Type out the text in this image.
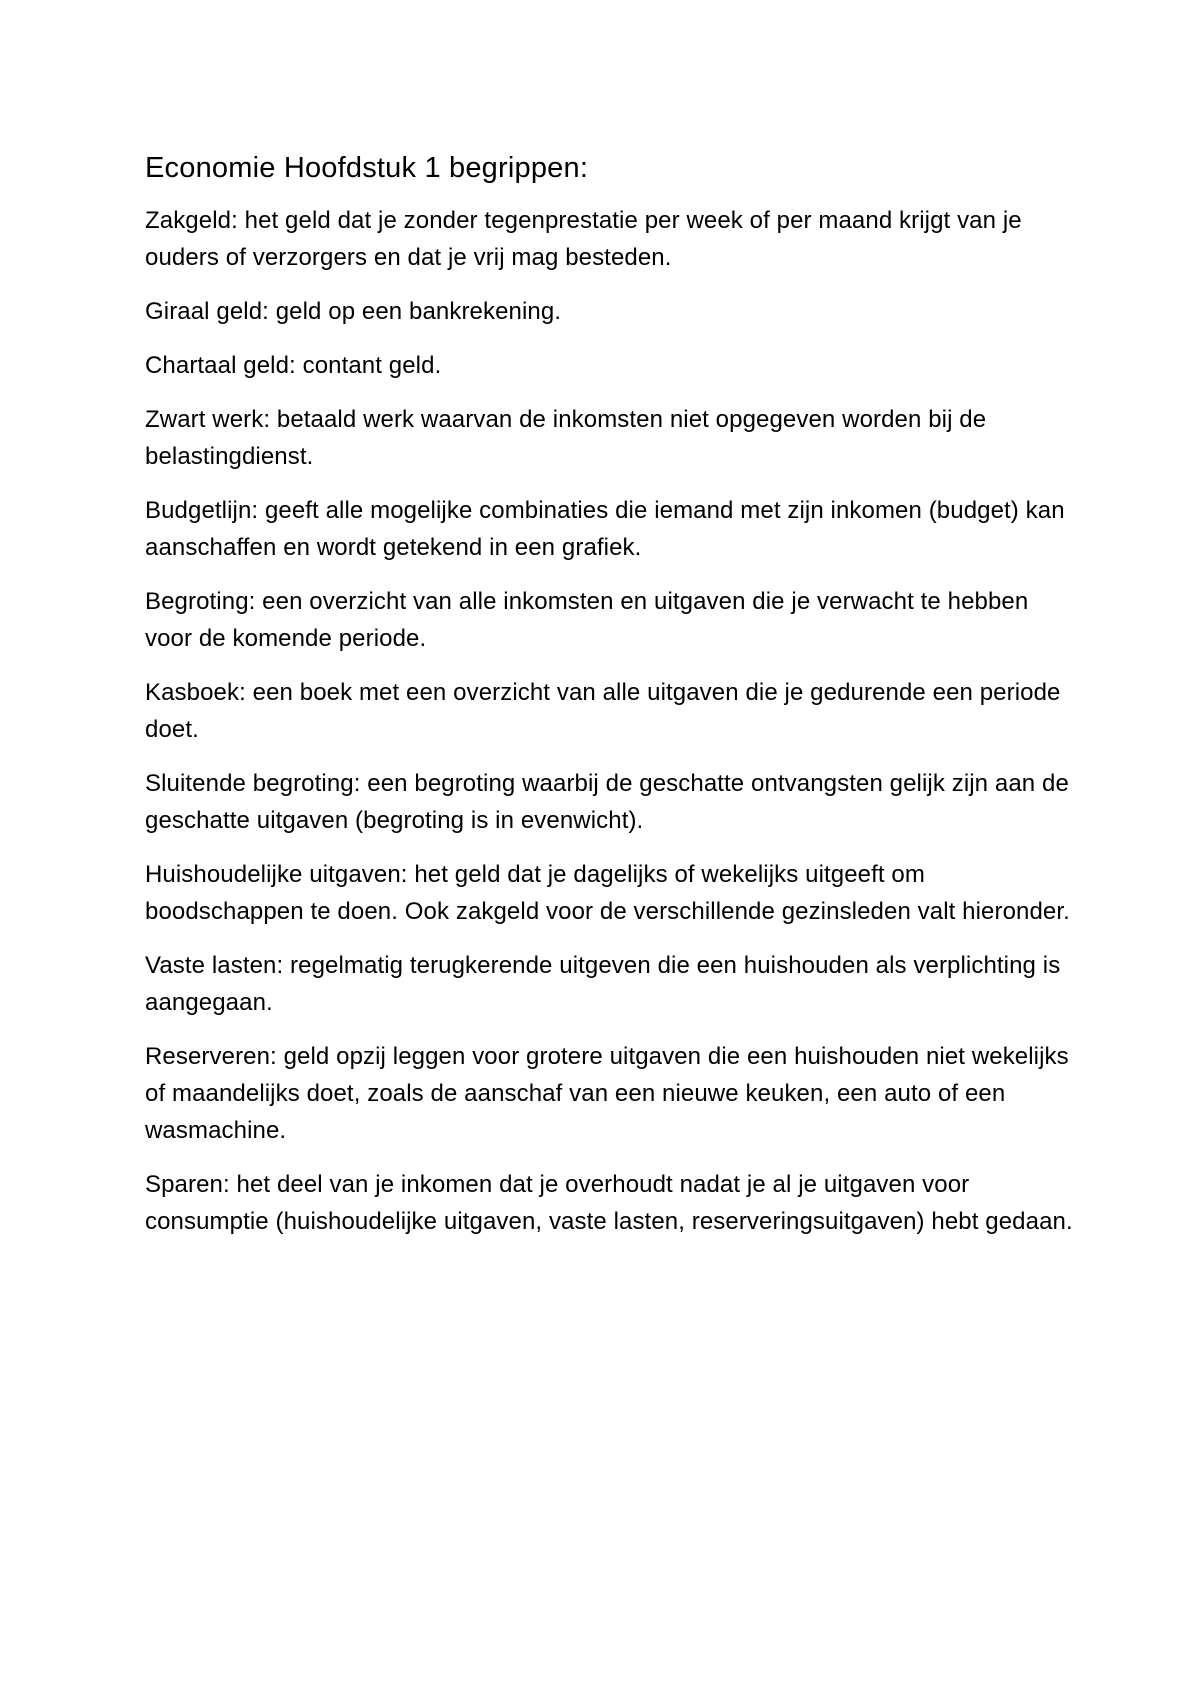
Economie Hoofdstuk 1 begrippen:

Zakgeld: het geld dat je zonder tegenprestatie per week of per maand krijgt van je ouders of verzorgers en dat je vrij mag besteden.

Giraal geld: geld op een bankrekening.

Chartaal geld: contant geld.

Zwart werk: betaald werk waarvan de inkomsten niet opgegeven worden bij de belastingdienst.

Budgetlijn: geeft alle mogelijke combinaties die iemand met zijn inkomen (budget) kan aanschaffen en wordt getekend in een grafiek.

Begroting: een overzicht van alle inkomsten en uitgaven die je verwacht te hebben voor de komende periode.

Kasboek: een boek met een overzicht van alle uitgaven die je gedurende een periode doet.

Sluitende begroting: een begroting waarbij de geschatte ontvangsten gelijk zijn aan de geschatte uitgaven (begroting is in evenwicht).

Huishoudelijke uitgaven: het geld dat je dagelijks of wekelijks uitgeeft om boodschappen te doen. Ook zakgeld voor de verschillende gezinsleden valt hieronder.

Vaste lasten: regelmatig terugkerende uitgeven die een huishouden als verplichting is aangegaan.

Reserveren: geld opzij leggen voor grotere uitgaven die een huishouden niet wekelijks of maandelijks doet, zoals de aanschaf van een nieuwe keuken, een auto of een wasmachine.

Sparen: het deel van je inkomen dat je overhoudt nadat je al je uitgaven voor consumptie (huishoudelijke uitgaven, vaste lasten, reserveringsuitgaven) hebt gedaan.
